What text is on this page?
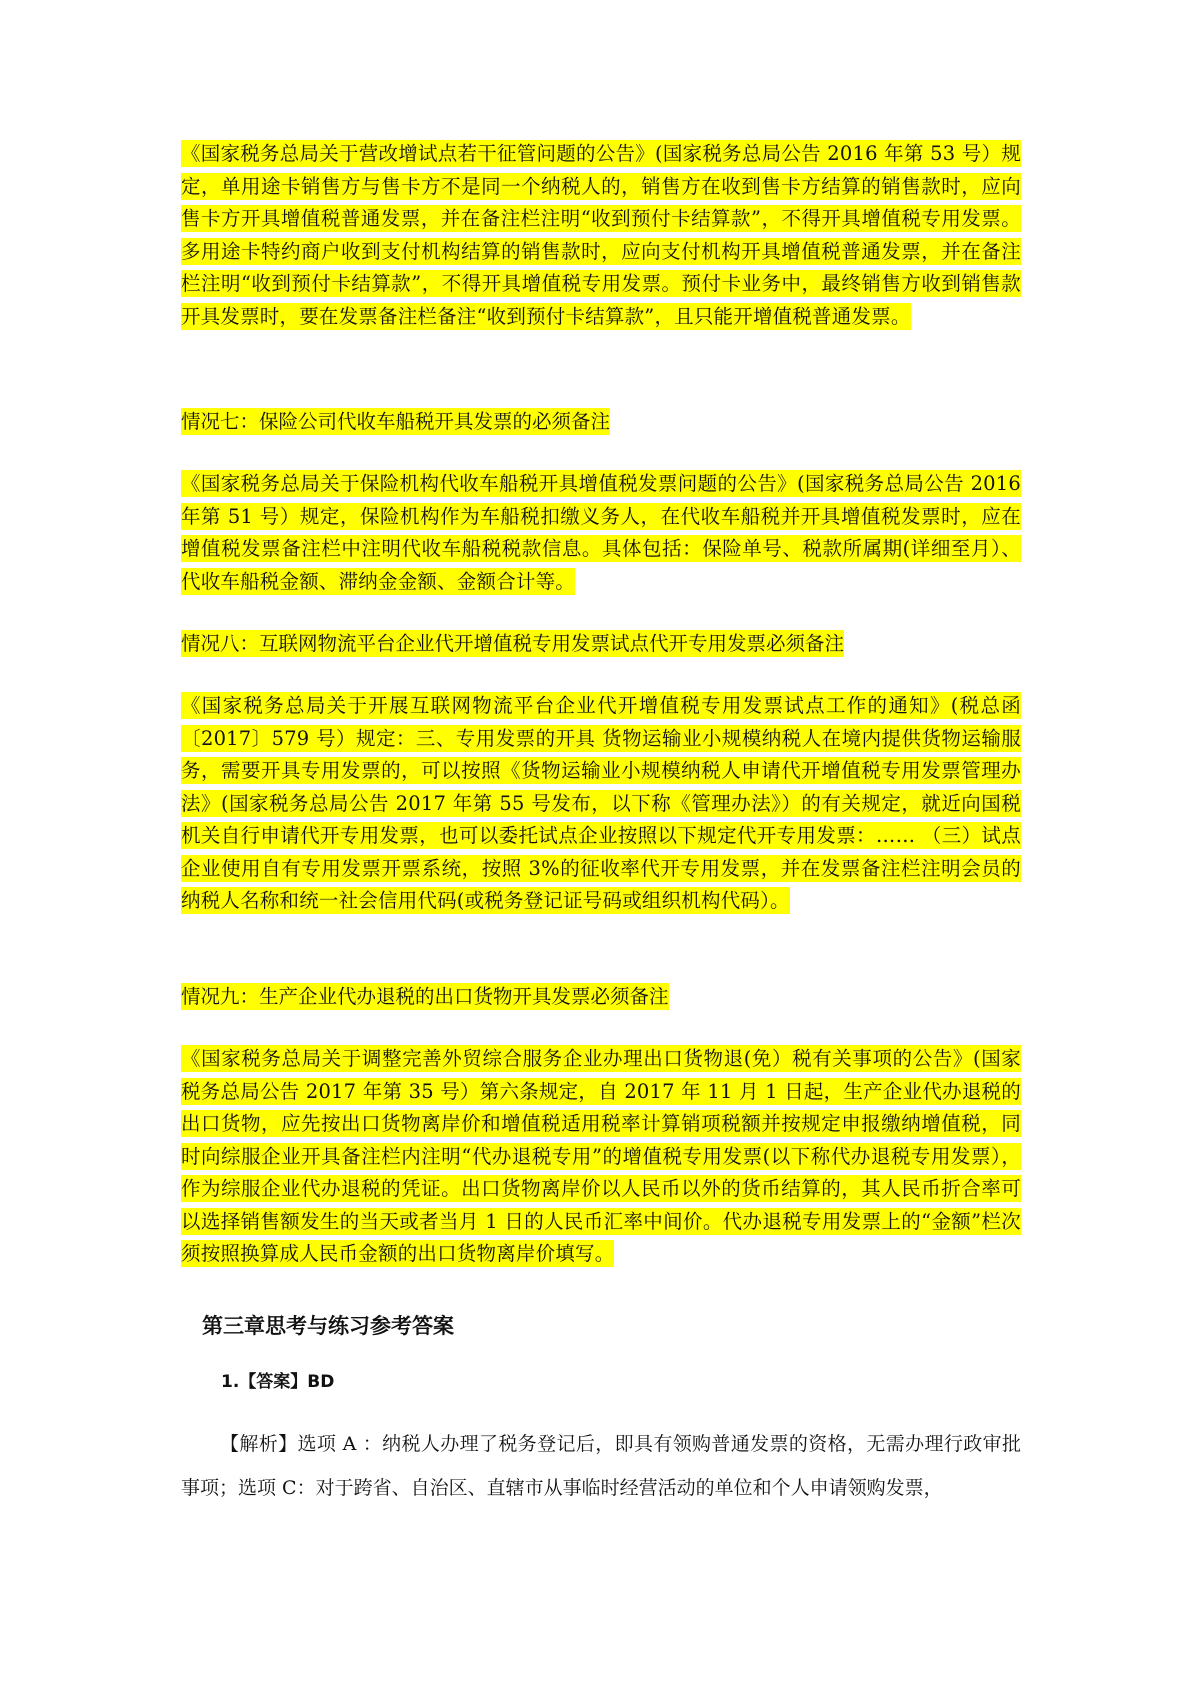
《国家税务总局关于营改增试点若干征管问题的公告》(国家税务总局公告 2016 年第 53 号）规定，单用途卡销售方与售卡方不是同一个纳税人的，销售方在收到售卡方结算的销售款时，应向售卡方开具增值税普通发票，并在备注栏注明“收到预付卡结算款”，不得开具增值税专用发票。多用途卡特约商户收到支付机构结算的销售款时，应向支付机构开具增值税普通发票，并在备注栏注明“收到预付卡结算款”，不得开具增值税专用发票。预付卡业务中，最终销售方收到销售款开具发票时，要在发票备注栏备注“收到预付卡结算款”，且只能开增值税普通发票。

情况七：保险公司代收车船税开具发票的必须备注

《国家税务总局关于保险机构代收车船税开具增值税发票问题的公告》(国家税务总局公告 2016 年第 51 号）规定，保险机构作为车船税扣缴义务人，在代收车船税并开具增值税发票时，应在增值税发票备注栏中注明代收车船税税款信息。具体包括：保险单号、税款所属期(详细至月）、代收车船税金额、滞纳金金额、金额合计等。

情况八：互联网物流平台企业代开增值税专用发票试点代开专用发票必须备注

《国家税务总局关于开展互联网物流平台企业代开增值税专用发票试点工作的通知》(税总函〔2017〕579 号）规定：三、专用发票的开具 货物运输业小规模纳税人在境内提供货物运输服务，需要开具专用发票的，可以按照《货物运输业小规模纳税人申请代开增值税专用发票管理办法》(国家税务总局公告 2017 年第 55 号发布，以下称《管理办法》）的有关规定，就近向国税机关自行申请代开专用发票，也可以委托试点企业按照以下规定代开专用发票：…… （三）试点企业使用自有专用发票开票系统，按照 3%的征收率代开专用发票，并在发票备注栏注明会员的纳税人名称和统一社会信用代码(或税务登记证号码或组织机构代码）。

情况九：生产企业代办退税的出口货物开具发票必须备注

《国家税务总局关于调整完善外贸综合服务企业办理出口货物退(免）税有关事项的公告》(国家税务总局公告 2017 年第 35 号）第六条规定，自 2017 年 11 月 1 日起，生产企业代办退税的出口货物，应先按出口货物离岸价和增值税适用税率计算销项税额并按规定申报缴纳增值税，同时向综服企业开具备注栏内注明“代办退税专用”的增值税专用发票(以下称代办退税专用发票），作为综服企业代办退税的凭证。出口货物离岸价以人民币以外的货币结算的，其人民币折合率可以选择销售额发生的当天或者当月 1 日的人民币汇率中间价。代办退税专用发票上的“金额”栏次须按照换算成人民币金额的出口货物离岸价填写。

第三章思考与练习参考答案

1.【答案】BD

【解析】选项 A ：纳税人办理了税务登记后，即具有领购普通发票的资格，无需办理行政审批事项；选项 C：对于跨省、自治区、直辖市从事临时经营活动的单位和个人申请领购发票，
